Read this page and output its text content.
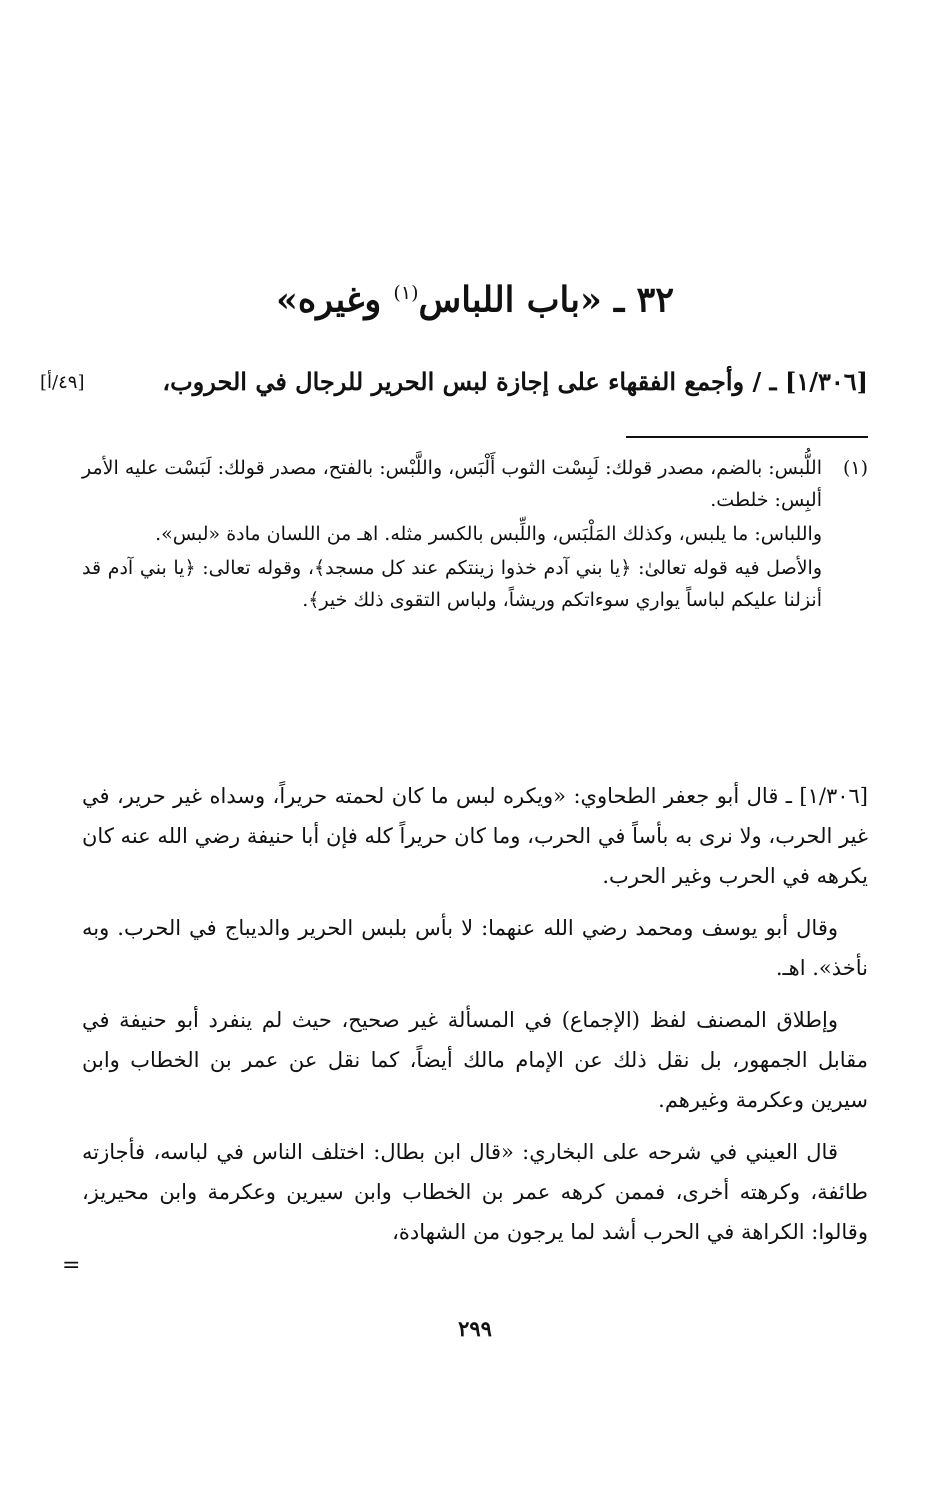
٣٢ ـ «باب اللباس$^{(١)}$ وغيره»

[١/٣٠٦] ـ / وأجمع الفقهاء على إجازة لبس الحرير للرجال في الحروب،

[٤٩/أ]
(١)

اللُّبس: بالضم، مصدر قولك: لَبِسْت الثوب أَلْبَس، واللَّبْس: بالفتح، مصدر قولك: لَبَسْت عليه الأمر ألبِس: خلطت.

واللباس: ما يلبس، وكذلك المَلْبَس، واللِّبس بالكسر مثله. اهـ من اللسان مادة «لبس».

والأصل فيه قوله تعالىٰ: ﴿يا بني آدم خذوا زينتكم عند كل مسجد﴾، وقوله تعالى: ﴿يا بني آدم قد أنزلنا عليكم لباساً يواري سوءاتكم وريشاً، ولباس التقوى ذلك خير﴾.

[١/٣٠٦] ـ قال أبو جعفر الطحاوي: «ويكره لبس ما كان لحمته حريراً، وسداه غير حرير، في غير الحرب، ولا نرى به بأساً في الحرب، وما كان حريراً كله فإن أبا حنيفة رضي الله عنه كان يكرهه في الحرب وغير الحرب.

وقال أبو يوسف ومحمد رضي الله عنهما: لا بأس بلبس الحرير والديباج في الحرب. وبه نأخذ». اهـ.

وإطلاق المصنف لفظ (الإجماع) في المسألة غير صحيح، حيث لم ينفرد أبو حنيفة في مقابل الجمهور، بل نقل ذلك عن الإمام مالك أيضاً، كما نقل عن عمر بن الخطاب وابن سيرين وعكرمة وغيرهم.

قال العيني في شرحه على البخاري: «قال ابن بطال: اختلف الناس في لباسه، فأجازته طائفة، وكرهته أخرى، فممن كرهه عمر بن الخطاب وابن سيرين وعكرمة وابن محيريز، وقالوا: الكراهة في الحرب أشد لما يرجون من الشهادة،

=
٢٩٩
